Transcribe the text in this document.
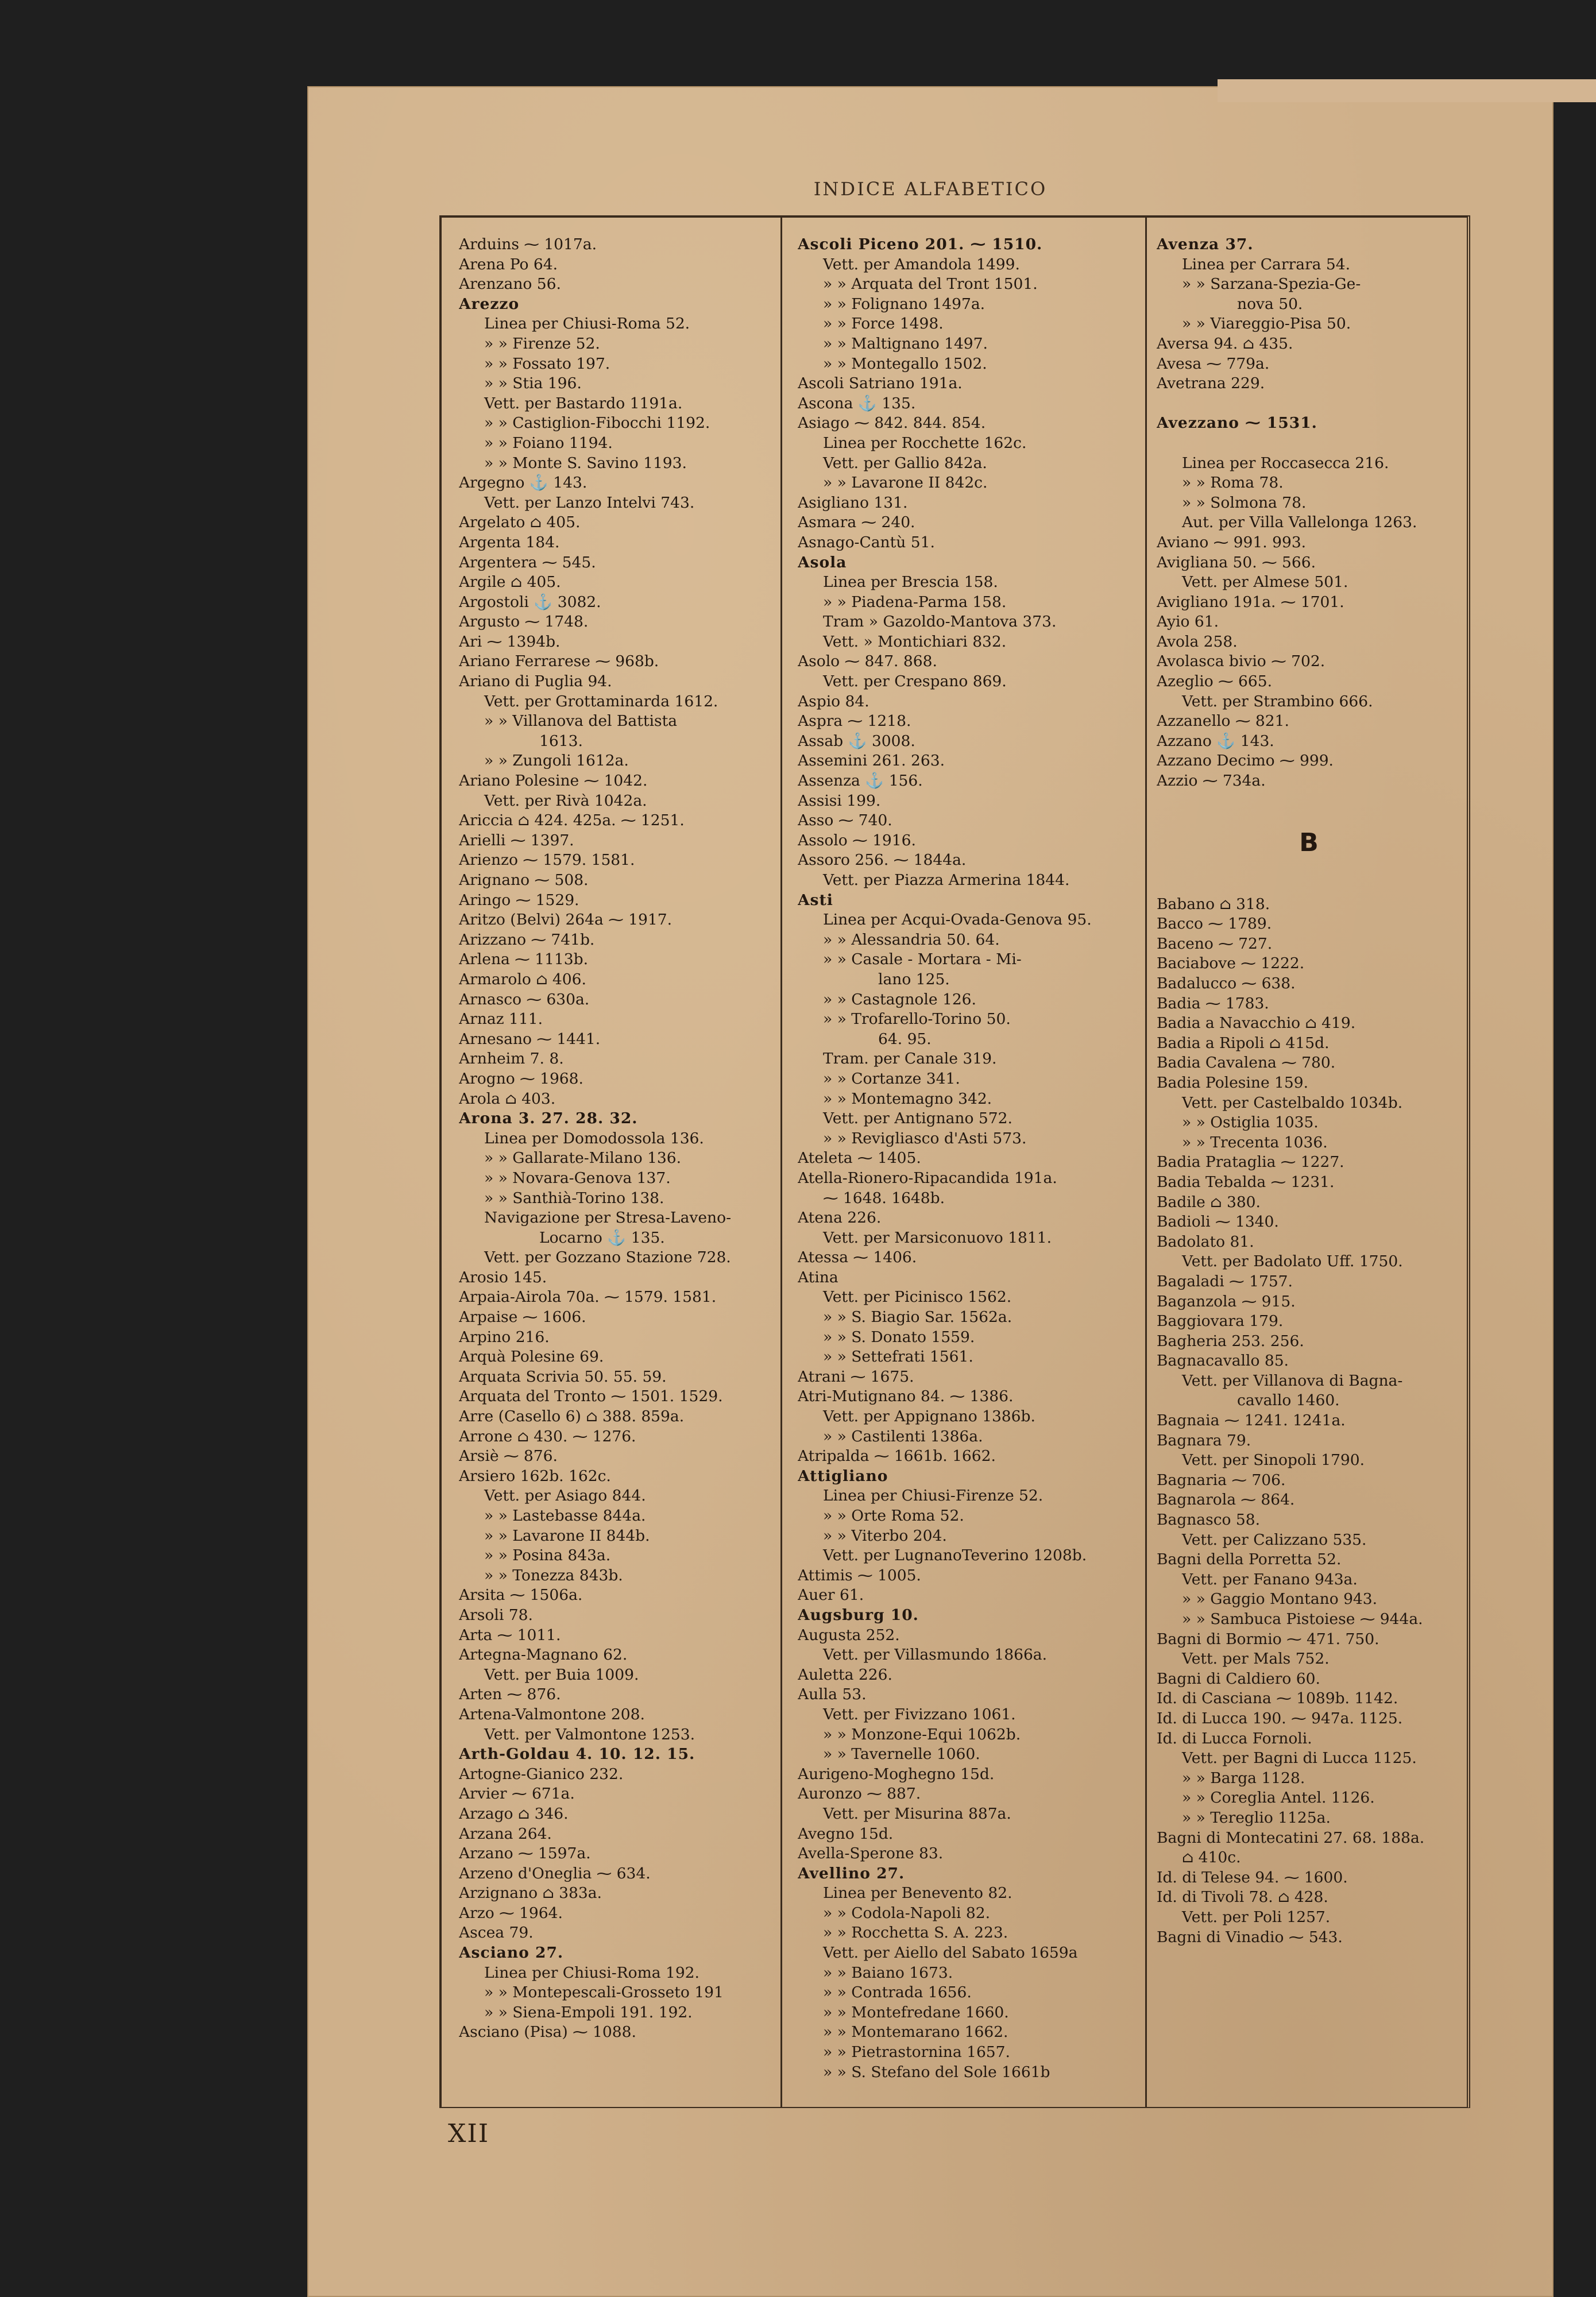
INDICE ALFABETICO
Arduins ⁓ 1017a.
Arena Po 64.
Arenzano 56.
Arezzo
Linea per Chiusi-Roma 52.
» » Firenze 52.
» » Fossato 197.
» » Stia 196.
Vett. per Bastardo 1191a.
» » Castiglion-Fibocchi 1192.
» » Foiano 1194.
» » Monte S. Savino 1193.
Argegno ⚓ 143.
Vett. per Lanzo Intelvi 743.
Argelato ⌂ 405.
Argenta 184.
Argentera ⁓ 545.
Argile ⌂ 405.
Argostoli ⚓ 3082.
Argusto ⁓ 1748.
Ari ⁓ 1394b.
Ariano Ferrarese ⁓ 968b.
Ariano di Puglia 94.
Vett. per Grottaminarda 1612.
» » Villanova del Battista
1613.
» » Zungoli 1612a.
Ariano Polesine ⁓ 1042.
Vett. per Rivà 1042a.
Ariccia ⌂ 424. 425a. ⁓ 1251.
Arielli ⁓ 1397.
Arienzo ⁓ 1579. 1581.
Arignano ⁓ 508.
Aringo ⁓ 1529.
Aritzo (Belvi) 264a ⁓ 1917.
Arizzano ⁓ 741b.
Arlena ⁓ 1113b.
Armarolo ⌂ 406.
Arnasco ⁓ 630a.
Arnaz 111.
Arnesano ⁓ 1441.
Arnheim 7. 8.
Arogno ⁓ 1968.
Arola ⌂ 403.
Arona 3. 27. 28. 32.
Linea per Domodossola 136.
» » Gallarate-Milano 136.
» » Novara-Genova 137.
» » Santhià-Torino 138.
Navigazione per Stresa-Laveno-
Locarno ⚓ 135.
Vett. per Gozzano Stazione 728.
Arosio 145.
Arpaia-Airola 70a. ⁓ 1579. 1581.
Arpaise ⁓ 1606.
Arpino 216.
Arquà Polesine 69.
Arquata Scrivia 50. 55. 59.
Arquata del Tronto ⁓ 1501. 1529.
Arre (Casello 6) ⌂ 388. 859a.
Arrone ⌂ 430. ⁓ 1276.
Arsiè ⁓ 876.
Arsiero 162b. 162c.
Vett. per Asiago 844.
» » Lastebasse 844a.
» » Lavarone II 844b.
» » Posina 843a.
» » Tonezza 843b.
Arsita ⁓ 1506a.
Arsoli 78.
Arta ⁓ 1011.
Artegna-Magnano 62.
Vett. per Buia 1009.
Arten ⁓ 876.
Artena-Valmontone 208.
Vett. per Valmontone 1253.
Arth-Goldau 4. 10. 12. 15.
Artogne-Gianico 232.
Arvier ⁓ 671a.
Arzago ⌂ 346.
Arzana 264.
Arzano ⁓ 1597a.
Arzeno d'Oneglia ⁓ 634.
Arzignano ⌂ 383a.
Arzo ⁓ 1964.
Ascea 79.
Asciano 27.
Linea per Chiusi-Roma 192.
» » Montepescali-Grosseto 191
» » Siena-Empoli 191. 192.
Asciano (Pisa) ⁓ 1088.
Ascoli Piceno 201. ⁓ 1510.
Vett. per Amandola 1499.
» » Arquata del Tront 1501.
» » Folignano 1497a.
» » Force 1498.
» » Maltignano 1497.
» » Montegallo 1502.
Ascoli Satriano 191a.
Ascona ⚓ 135.
Asiago ⁓ 842. 844. 854.
Linea per Rocchette 162c.
Vett. per Gallio 842a.
» » Lavarone II 842c.
Asigliano 131.
Asmara ⁓ 240.
Asnago-Cantù 51.
Asola
Linea per Brescia 158.
» » Piadena-Parma 158.
Tram » Gazoldo-Mantova 373.
Vett. » Montichiari 832.
Asolo ⁓ 847. 868.
Vett. per Crespano 869.
Aspio 84.
Aspra ⁓ 1218.
Assab ⚓ 3008.
Assemini 261. 263.
Assenza ⚓ 156.
Assisi 199.
Asso ⁓ 740.
Assolo ⁓ 1916.
Assoro 256. ⁓ 1844a.
Vett. per Piazza Armerina 1844.
Asti
Linea per Acqui-Ovada-Genova 95.
» » Alessandria 50. 64.
» » Casale - Mortara - Mi-
lano 125.
» » Castagnole 126.
» » Trofarello-Torino 50.
64. 95.
Tram. per Canale 319.
» » Cortanze 341.
» » Montemagno 342.
Vett. per Antignano 572.
» » Revigliasco d'Asti 573.
Ateleta ⁓ 1405.
Atella-Rionero-Ripacandida 191a.
⁓ 1648. 1648b.
Atena 226.
Vett. per Marsiconuovo 1811.
Atessa ⁓ 1406.
Atina
Vett. per Picinisco 1562.
» » S. Biagio Sar. 1562a.
» » S. Donato 1559.
» » Settefrati 1561.
Atrani ⁓ 1675.
Atri-Mutignano 84. ⁓ 1386.
Vett. per Appignano 1386b.
» » Castilenti 1386a.
Atripalda ⁓ 1661b. 1662.
Attigliano
Linea per Chiusi-Firenze 52.
» » Orte Roma 52.
» » Viterbo 204.
Vett. per LugnanoTeverino 1208b.
Attimis ⁓ 1005.
Auer 61.
Augsburg 10.
Augusta 252.
Vett. per Villasmundo 1866a.
Auletta 226.
Aulla 53.
Vett. per Fivizzano 1061.
» » Monzone-Equi 1062b.
» » Tavernelle 1060.
Aurigeno-Moghegno 15d.
Auronzo ⁓ 887.
Vett. per Misurina 887a.
Avegno 15d.
Avella-Sperone 83.
Avellino 27.
Linea per Benevento 82.
» » Codola-Napoli 82.
» » Rocchetta S. A. 223.
Vett. per Aiello del Sabato 1659a
» » Baiano 1673.
» » Contrada 1656.
» » Montefredane 1660.
» » Montemarano 1662.
» » Pietrastornina 1657.
» » S. Stefano del Sole 1661b
Avenza 37.
Linea per Carrara 54.
» » Sarzana-Spezia-Ge-
nova 50.
» » Viareggio-Pisa 50.
Aversa 94. ⌂ 435.
Avesa ⁓ 779a.
Avetrana 229.
Avezzano ⁓ 1531.
Linea per Roccasecca 216.
» » Roma 78.
» » Solmona 78.
Aut. per Villa Vallelonga 1263.
Aviano ⁓ 991. 993.
Avigliana 50. ⁓ 566.
Vett. per Almese 501.
Avigliano 191a. ⁓ 1701.
Ayio 61.
Avola 258.
Avolasca bivio ⁓ 702.
Azeglio ⁓ 665.
Vett. per Strambino 666.
Azzanello ⁓ 821.
Azzano ⚓ 143.
Azzano Decimo ⁓ 999.
Azzio ⁓ 734a.
B
Babano ⌂ 318.
Bacco ⁓ 1789.
Baceno ⁓ 727.
Baciabove ⁓ 1222.
Badalucco ⁓ 638.
Badia ⁓ 1783.
Badia a Navacchio ⌂ 419.
Badia a Ripoli ⌂ 415d.
Badia Cavalena ⁓ 780.
Badia Polesine 159.
Vett. per Castelbaldo 1034b.
» » Ostiglia 1035.
» » Trecenta 1036.
Badia Prataglia ⁓ 1227.
Badia Tebalda ⁓ 1231.
Badile ⌂ 380.
Badioli ⁓ 1340.
Badolato 81.
Vett. per Badolato Uff. 1750.
Bagaladi ⁓ 1757.
Baganzola ⁓ 915.
Baggiovara 179.
Bagheria 253. 256.
Bagnacavallo 85.
Vett. per Villanova di Bagna-
cavallo 1460.
Bagnaia ⁓ 1241. 1241a.
Bagnara 79.
Vett. per Sinopoli 1790.
Bagnaria ⁓ 706.
Bagnarola ⁓ 864.
Bagnasco 58.
Vett. per Calizzano 535.
Bagni della Porretta 52.
Vett. per Fanano 943a.
» » Gaggio Montano 943.
» » Sambuca Pistoiese ⁓ 944a.
Bagni di Bormio ⁓ 471. 750.
Vett. per Mals 752.
Bagni di Caldiero 60.
Id. di Casciana ⁓ 1089b. 1142.
Id. di Lucca 190. ⁓ 947a. 1125.
Id. di Lucca Fornoli.
Vett. per Bagni di Lucca 1125.
» » Barga 1128.
» » Coreglia Antel. 1126.
» » Tereglio 1125a.
Bagni di Montecatini 27. 68. 188a.
⌂ 410c.
Id. di Telese 94. ⁓ 1600.
Id. di Tivoli 78. ⌂ 428.
Vett. per Poli 1257.
Bagni di Vinadio ⁓ 543.
XII
